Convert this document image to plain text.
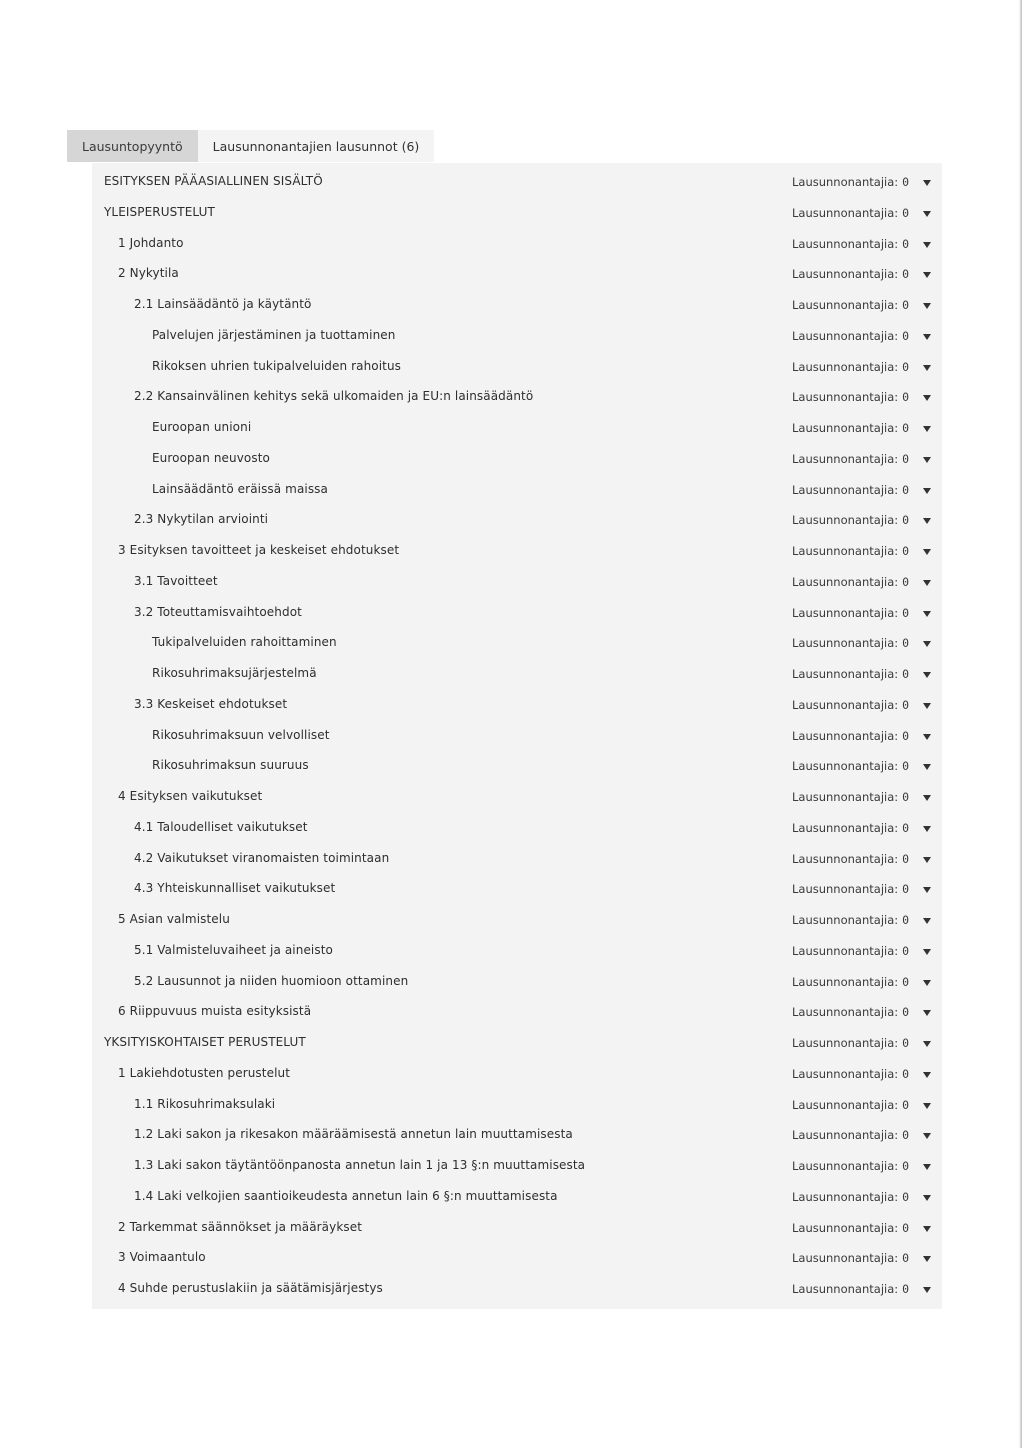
Lausuntopyyntö Lausunnonantajien lausunnot (6)
ESITYKSEN PÄÄASIALLINEN SISÄLTÖ	Lausunnonantajia: 0
YLEISPERUSTELUT	Lausunnonantajia: 0
1 Johdanto	Lausunnonantajia: 0
2 Nykytila	Lausunnonantajia: 0
2.1 Lainsäädäntö ja käytäntö	Lausunnonantajia: 0
Palvelujen järjestäminen ja tuottaminen	Lausunnonantajia: 0
Rikoksen uhrien tukipalveluiden rahoitus	Lausunnonantajia: 0
2.2 Kansainvälinen kehitys sekä ulkomaiden ja EU:n lainsäädäntö	Lausunnonantajia: 0
Euroopan unioni	Lausunnonantajia: 0
Euroopan neuvosto	Lausunnonantajia: 0
Lainsäädäntö eräissä maissa	Lausunnonantajia: 0
2.3 Nykytilan arviointi	Lausunnonantajia: 0
3 Esityksen tavoitteet ja keskeiset ehdotukset	Lausunnonantajia: 0
3.1 Tavoitteet	Lausunnonantajia: 0
3.2 Toteuttamisvaihtoehdot	Lausunnonantajia: 0
Tukipalveluiden rahoittaminen	Lausunnonantajia: 0
Rikosuhrimaksujärjestelmä	Lausunnonantajia: 0
3.3 Keskeiset ehdotukset	Lausunnonantajia: 0
Rikosuhrimaksuun velvolliset	Lausunnonantajia: 0
Rikosuhrimaksun suuruus	Lausunnonantajia: 0
4 Esityksen vaikutukset	Lausunnonantajia: 0
4.1 Taloudelliset vaikutukset	Lausunnonantajia: 0
4.2 Vaikutukset viranomaisten toimintaan	Lausunnonantajia: 0
4.3 Yhteiskunnalliset vaikutukset	Lausunnonantajia: 0
5 Asian valmistelu	Lausunnonantajia: 0
5.1 Valmisteluvaiheet ja aineisto	Lausunnonantajia: 0
5.2 Lausunnot ja niiden huomioon ottaminen	Lausunnonantajia: 0
6 Riippuvuus muista esityksistä	Lausunnonantajia: 0
YKSITYISKOHTAISET PERUSTELUT	Lausunnonantajia: 0
1 Lakiehdotusten perustelut	Lausunnonantajia: 0
1.1 Rikosuhrimaksulaki	Lausunnonantajia: 0
1.2 Laki sakon ja rikesakon määräämisestä annetun lain muuttamisesta	Lausunnonantajia: 0
1.3 Laki sakon täytäntöönpanosta annetun lain 1 ja 13 §:n muuttamisesta	Lausunnonantajia: 0
1.4 Laki velkojien saantioikeudesta annetun lain 6 §:n muuttamisesta	Lausunnonantajia: 0
2 Tarkemmat säännökset ja määräykset	Lausunnonantajia: 0
3 Voimaantulo	Lausunnonantajia: 0
4 Suhde perustuslakiin ja säätämisjärjestys	Lausunnonantajia: 0
